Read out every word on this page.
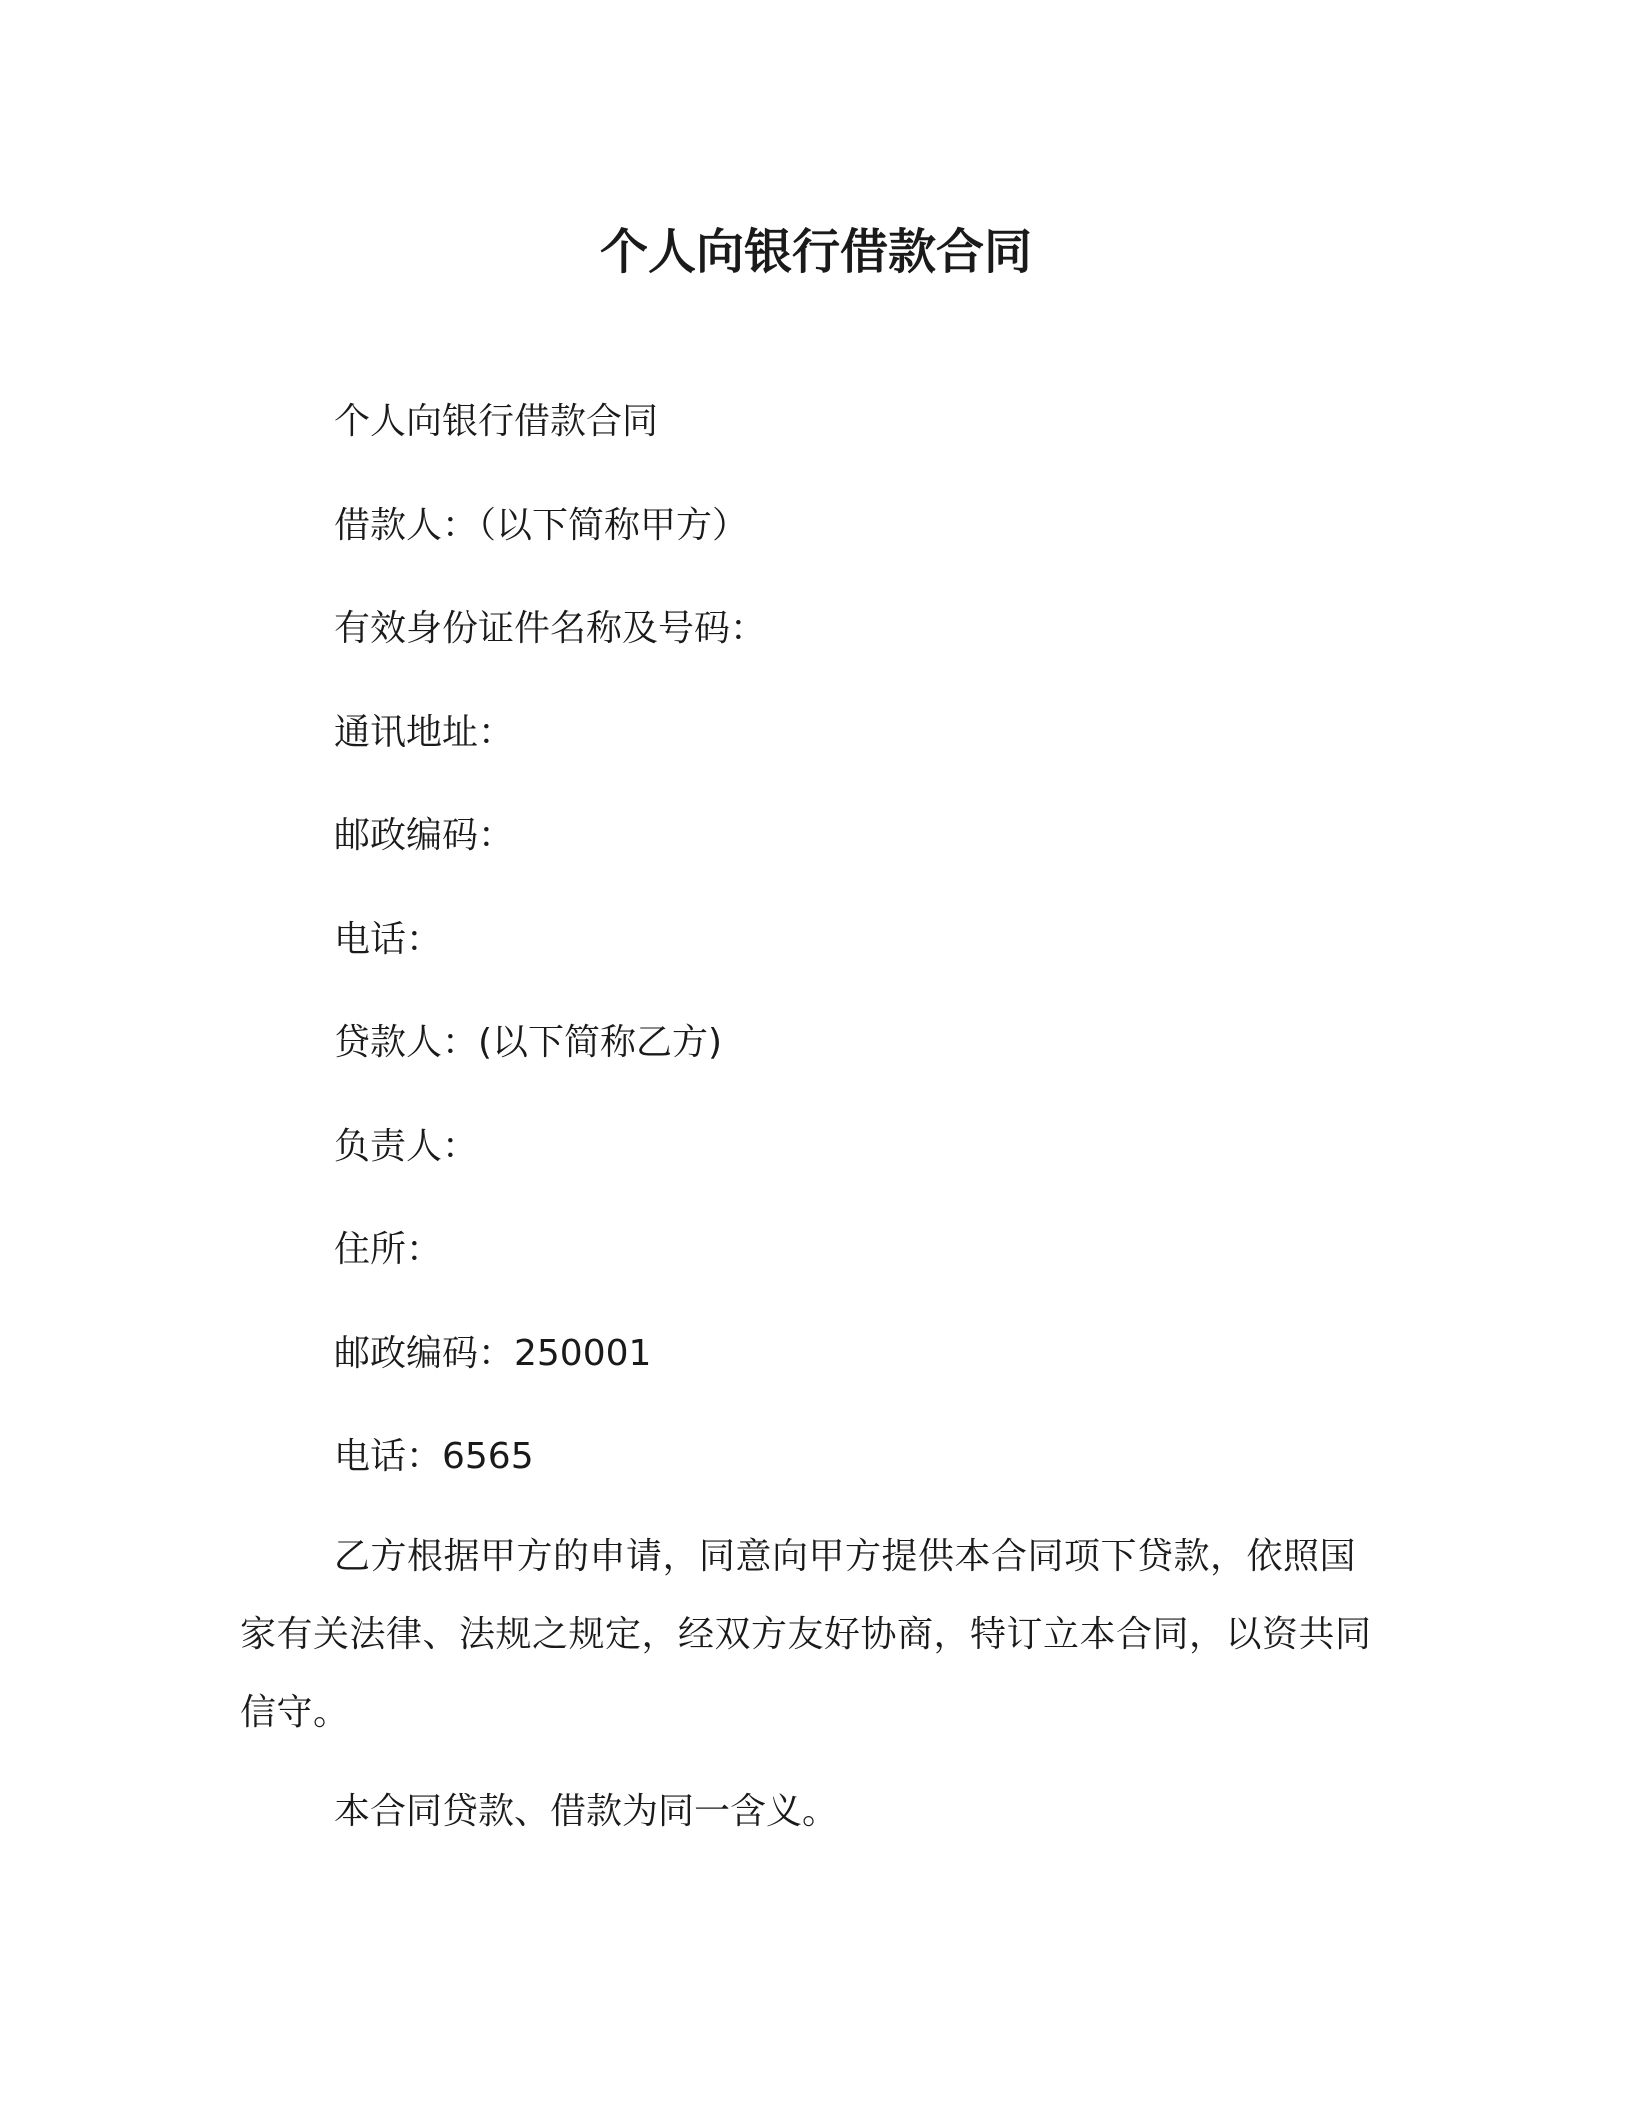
个人向银行借款合同

个人向银行借款合同

借款人：（以下简称甲方）

有效身份证件名称及号码：

通讯地址：

邮政编码：

电话：

贷款人：(以下简称乙方)

负责人：

住所：

邮政编码：250001

电话：6565

乙方根据甲方的申请，同意向甲方提供本合同项下贷款，依照国家有关法律、法规之规定，经双方友好协商，特订立本合同，以资共同信守。

本合同贷款、借款为同一含义。
